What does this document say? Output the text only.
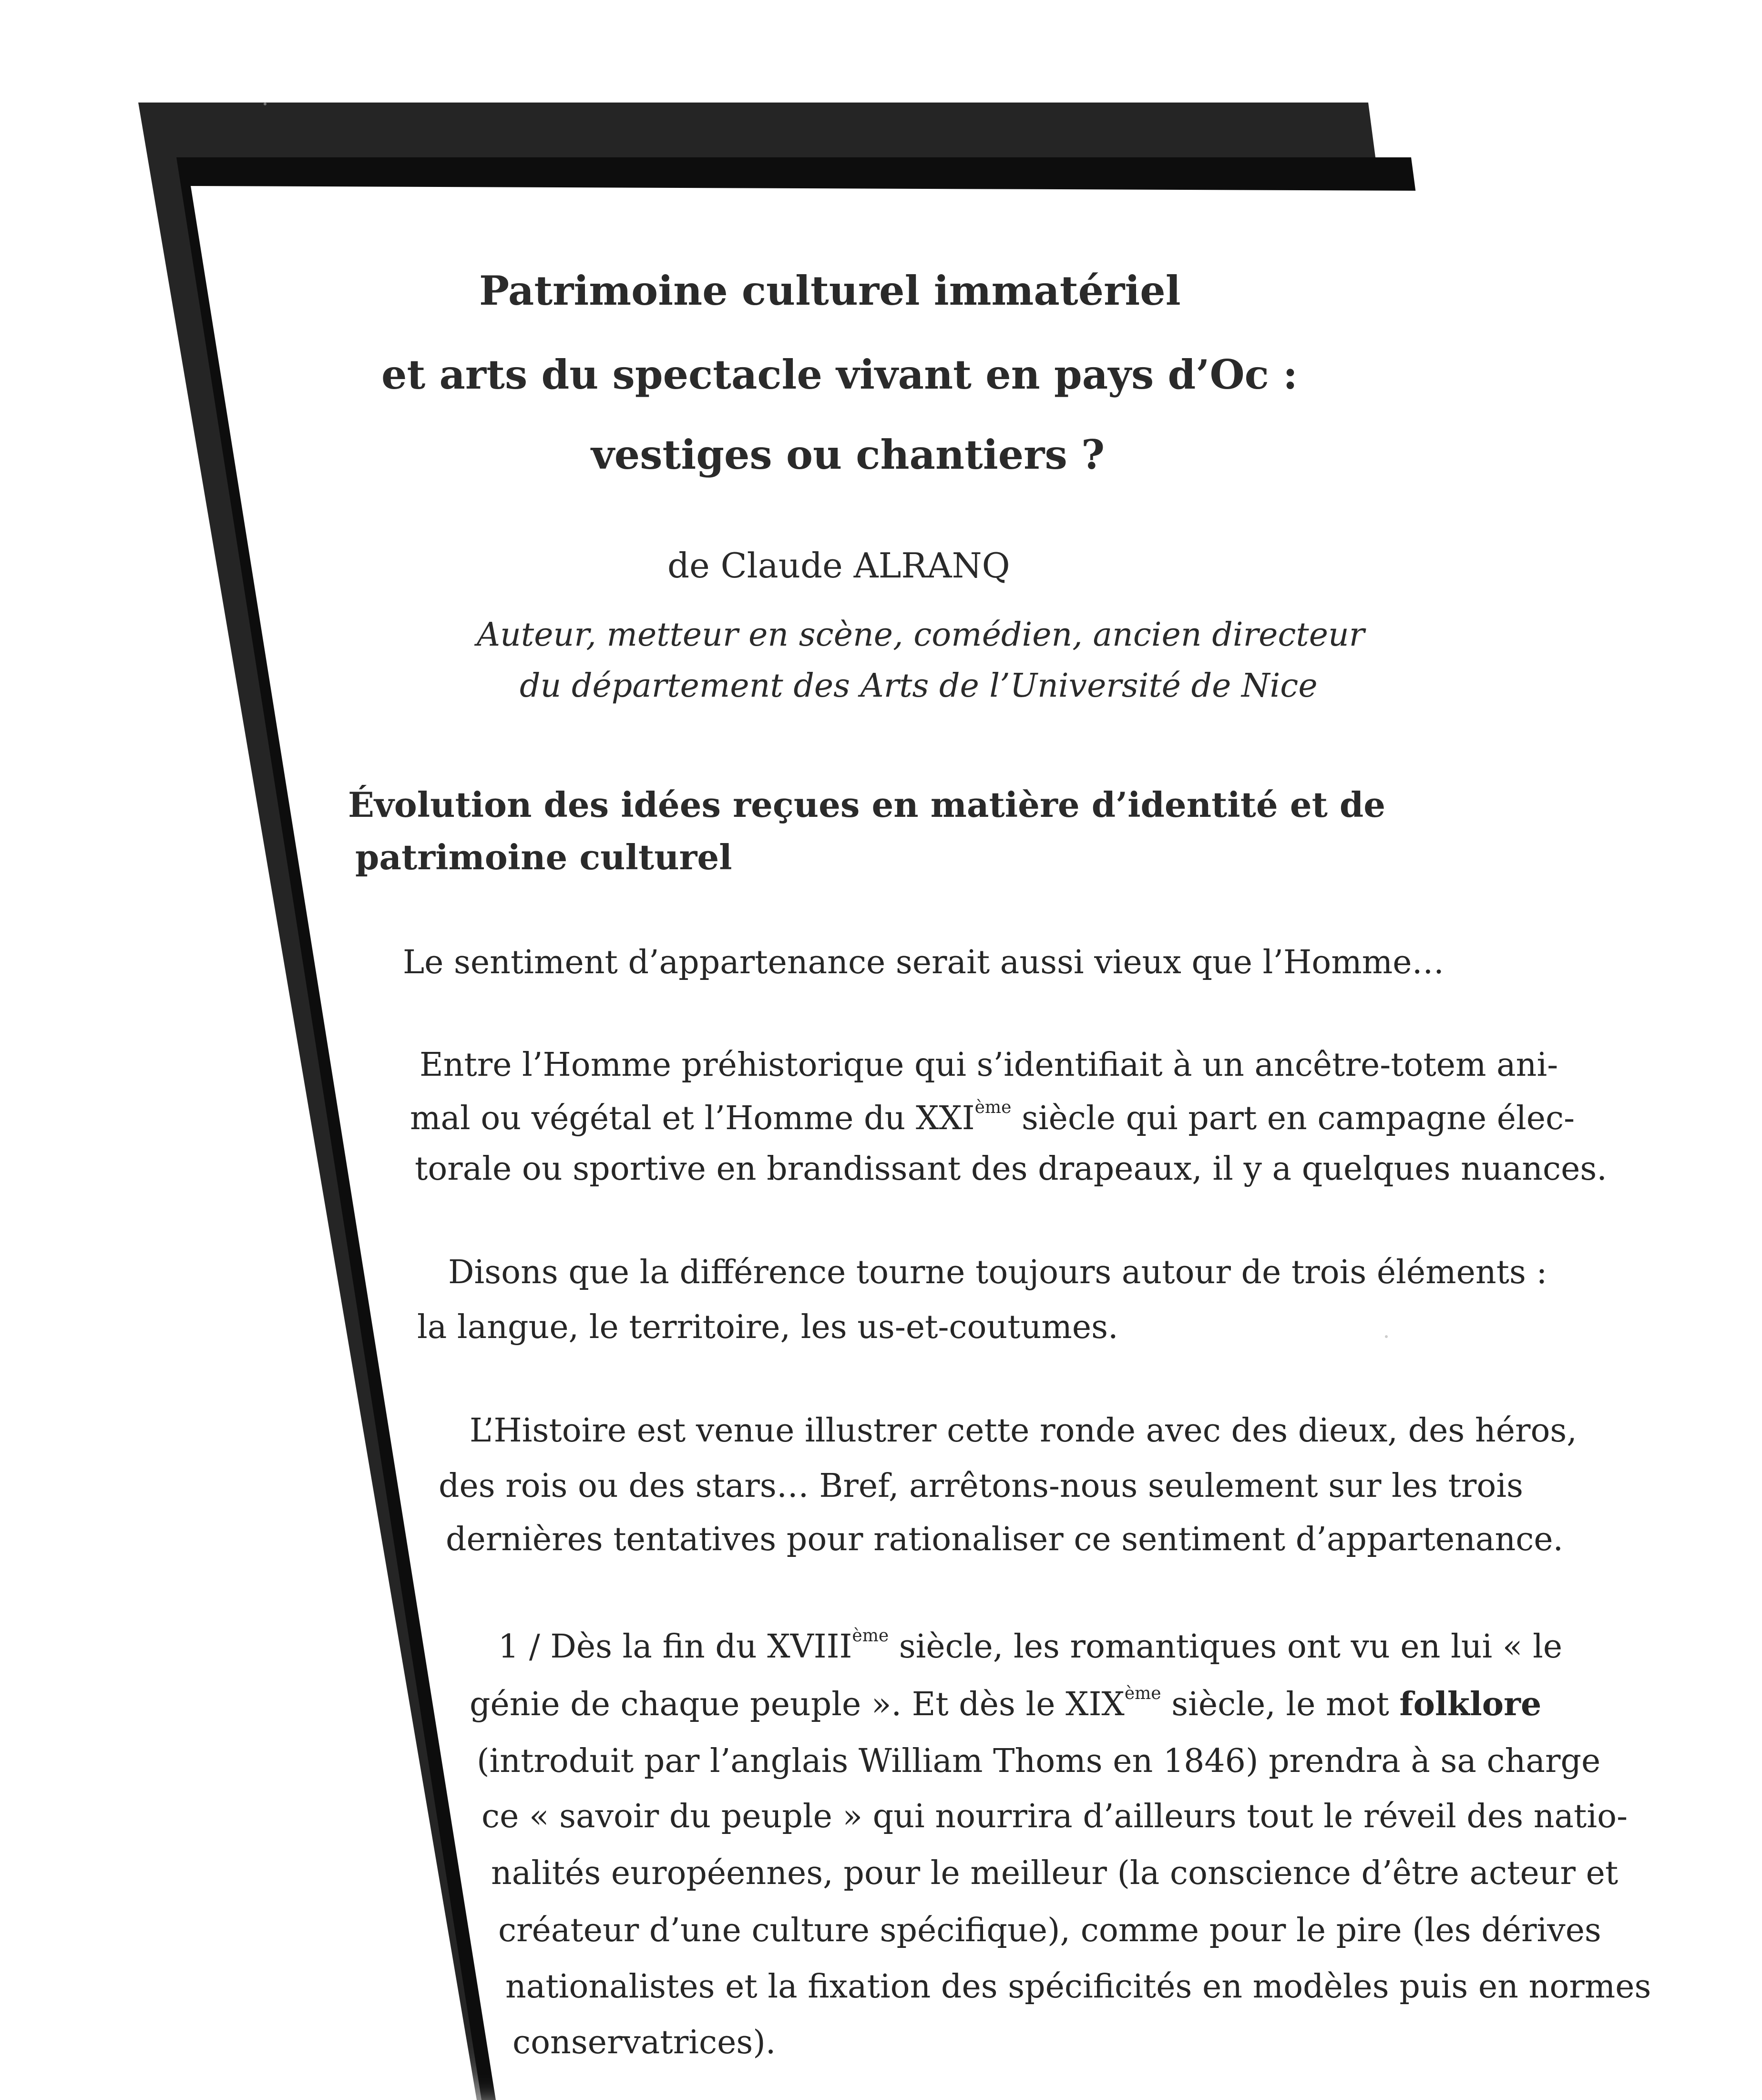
Patrimoine culturel immatériel
et arts du spectacle vivant en pays d’Oc :
vestiges ou chantiers ?
de Claude ALRANQ
Auteur, metteur en scène, comédien, ancien directeur
du département des Arts de l’Université de Nice
Évolution des idées reçues en matière d’identité et de
patrimoine culturel
Le sentiment d’appartenance serait aussi vieux que l’Homme…
Entre l’Homme préhistorique qui s’identifiait à un ancêtre-totem ani-
mal ou végétal et l’Homme du XXIème siècle qui part en campagne élec-
torale ou sportive en brandissant des drapeaux, il y a quelques nuances.
Disons que la différence tourne toujours autour de trois éléments :
la langue, le territoire, les us-et-coutumes.
L’Histoire est venue illustrer cette ronde avec des dieux, des héros,
des rois ou des stars… Bref, arrêtons-nous seulement sur les trois
dernières tentatives pour rationaliser ce sentiment d’appartenance.
1 / Dès la fin du XVIIIème siècle, les romantiques ont vu en lui « le
génie de chaque peuple ». Et dès le XIXème siècle, le mot folklore
(introduit par l’anglais William Thoms en 1846) prendra à sa charge
ce « savoir du peuple » qui nourrira d’ailleurs tout le réveil des natio-
nalités européennes, pour le meilleur (la conscience d’être acteur et
créateur d’une culture spécifique), comme pour le pire (les dérives
nationalistes et la fixation des spécificités en modèles puis en normes
conservatrices).
